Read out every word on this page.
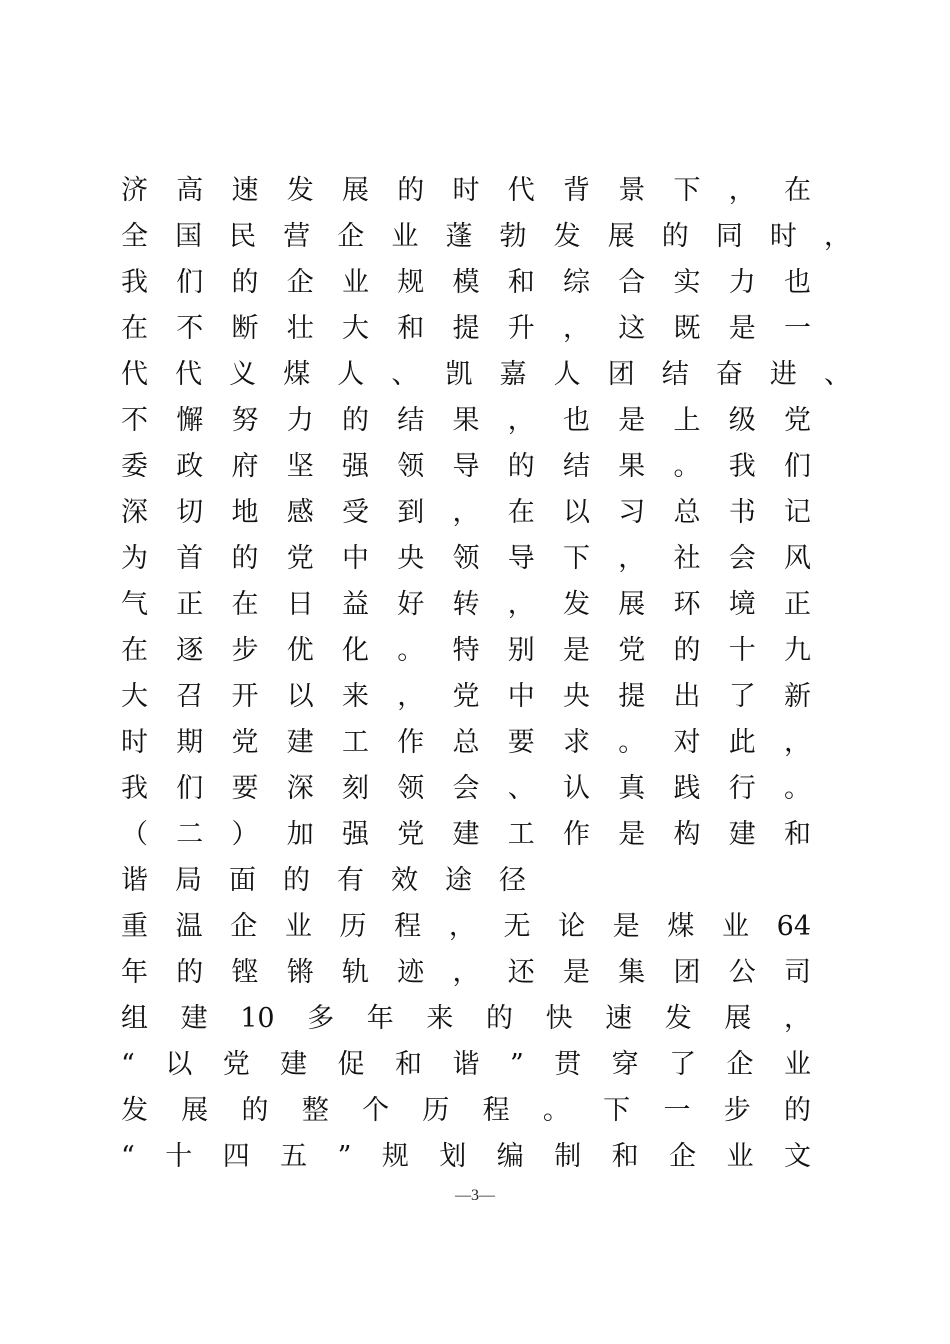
济高速发展的时代背景下，在
全国民营企业蓬勃发展的同时，
我们的企业规模和综合实力也
在不断壮大和提升，这既是一
代代义煤人、凯嘉人团结奋进、
不懈努力的结果，也是上级党
委政府坚强领导的结果。我们
深切地感受到，在以习总书记
为首的党中央领导下，社会风
气正在日益好转，发展环境正
在逐步优化。特别是党的十九
大召开以来，党中央提出了新
时期党建工作总要求。对此，
我们要深刻领会、认真践行。
（二）加强党建工作是构建和
谐局面的有效途径
重温企业历程，无论是煤业64
年的铿锵轨迹，还是集团公司
组建10多年来的快速发展，
“以党建促和谐”贯穿了企业
发展的整个历程。下一步的
“十四五”规划编制和企业文
—3—
